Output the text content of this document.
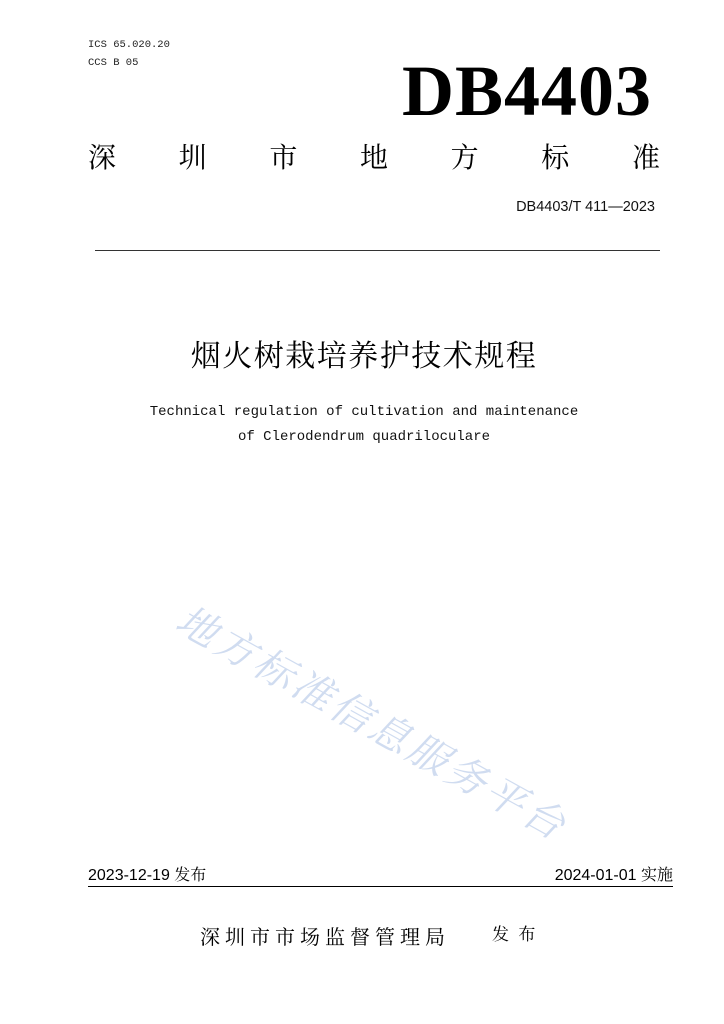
ICS 65.020.20
CCS B 05	DB4403
深 圳 市 地 方 标 准
DB4403/T 411—2023
烟火树栽培养护技术规程
Technical regulation of cultivation and maintenance
of Clerodendrum quadriloculare
地方标准信息服务平台
2023-12-19 发布	2024-01-01 实施
深圳市市场监督管理局 发 布
